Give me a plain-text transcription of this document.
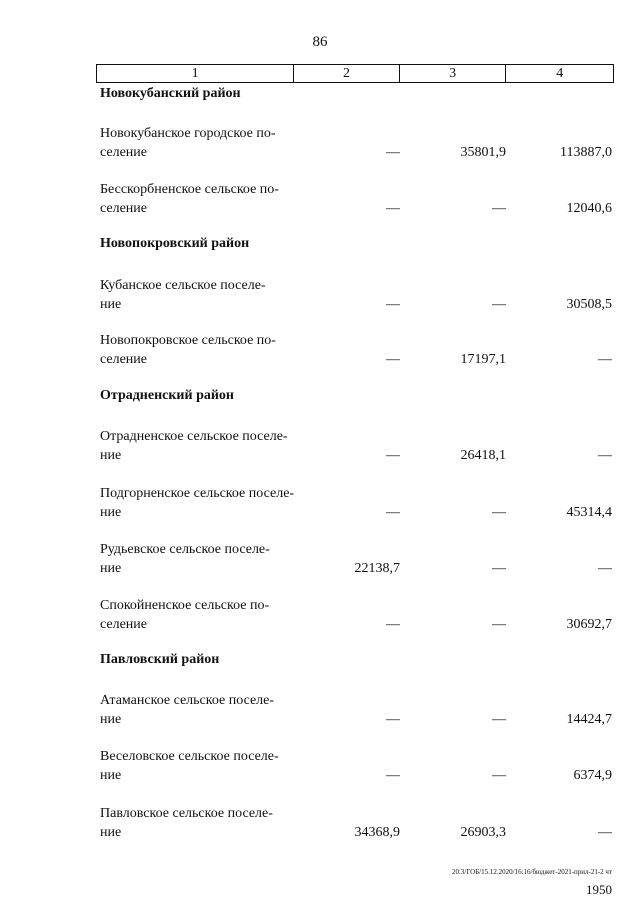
86
1	2	3	4
Новокубанский район
Новокубанское городское по-
селение	—	35801,9	113887,0
Бесскорбненское сельское по-
селение	—	—	12040,6
Новопокровский район
Кубанское сельское поселе-
ние	—	—	30508,5
Новопокровское сельское по-
селение	—	17197,1	—
Отрадненский район
Отрадненское сельское поселе-
ние	—	26418,1	—
Подгорненское сельское поселе-
ние	—	—	45314,4
Рудьевское сельское поселе-
ние	22138,7	—	—
Спокойненское сельское по-
селение	—	—	30692,7
Павловский район
Атаманское сельское поселе-
ние	—	—	14424,7
Веселовское сельское поселе-
ние	—	—	6374,9
Павловское сельское поселе-
ние	34368,9	26903,3	—
20.3/ГОБ/15.12.2020/16:16/бюджет-2021-прил-21-2 чт
1950
